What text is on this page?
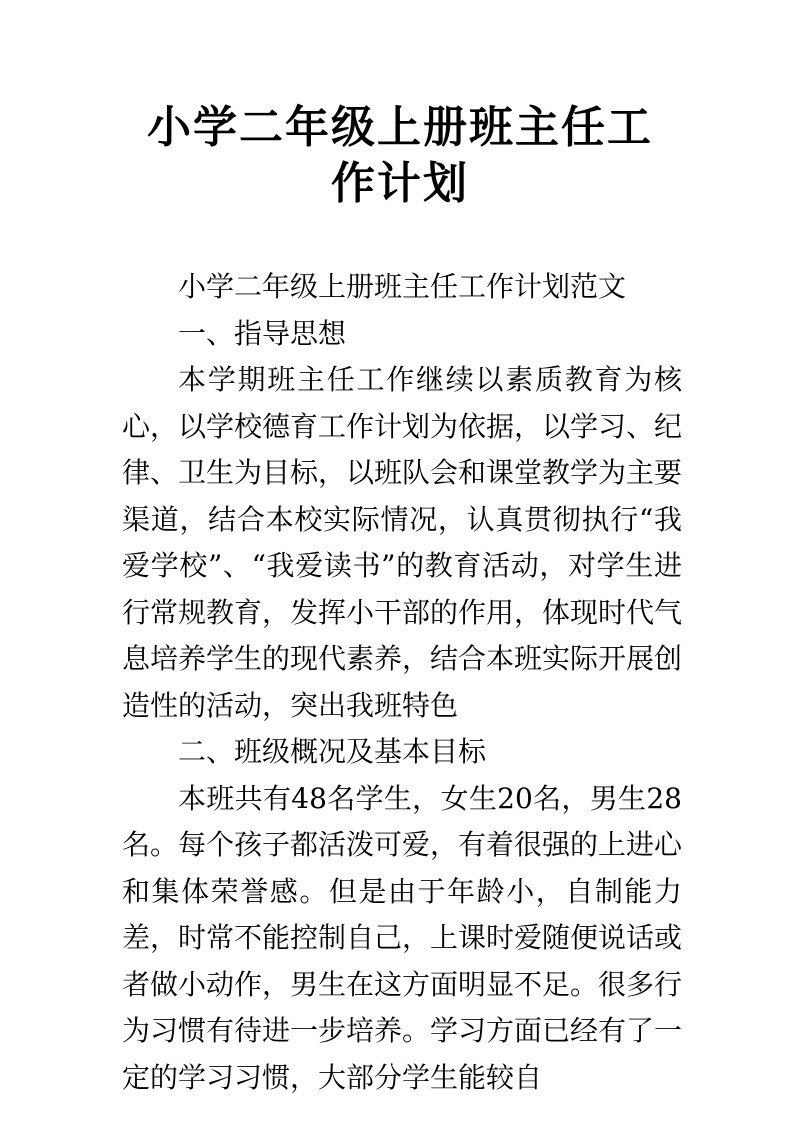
小学二年级上册班主任工
作计划

小学二年级上册班主任工作计划范文

一、指导思想

本学期班主任工作继续以素质教育为核心，以学校德育工作计划为依据，以学习、纪律、卫生为目标，以班队会和课堂教学为主要渠道，结合本校实际情况，认真贯彻执行“我爱学校”、“我爱读书”的教育活动，对学生进行常规教育，发挥小干部的作用，体现时代气息培养学生的现代素养，结合本班实际开展创造性的活动，突出我班特色

二、班级概况及基本目标

本班共有48名学生，女生20名，男生28名。每个孩子都活泼可爱，有着很强的上进心和集体荣誉感。但是由于年龄小，自制能力差，时常不能控制自己，上课时爱随便说话或者做小动作，男生在这方面明显不足。很多行为习惯有待进一步培养。学习方面已经有了一定的学习习惯，大部分学生能较自
